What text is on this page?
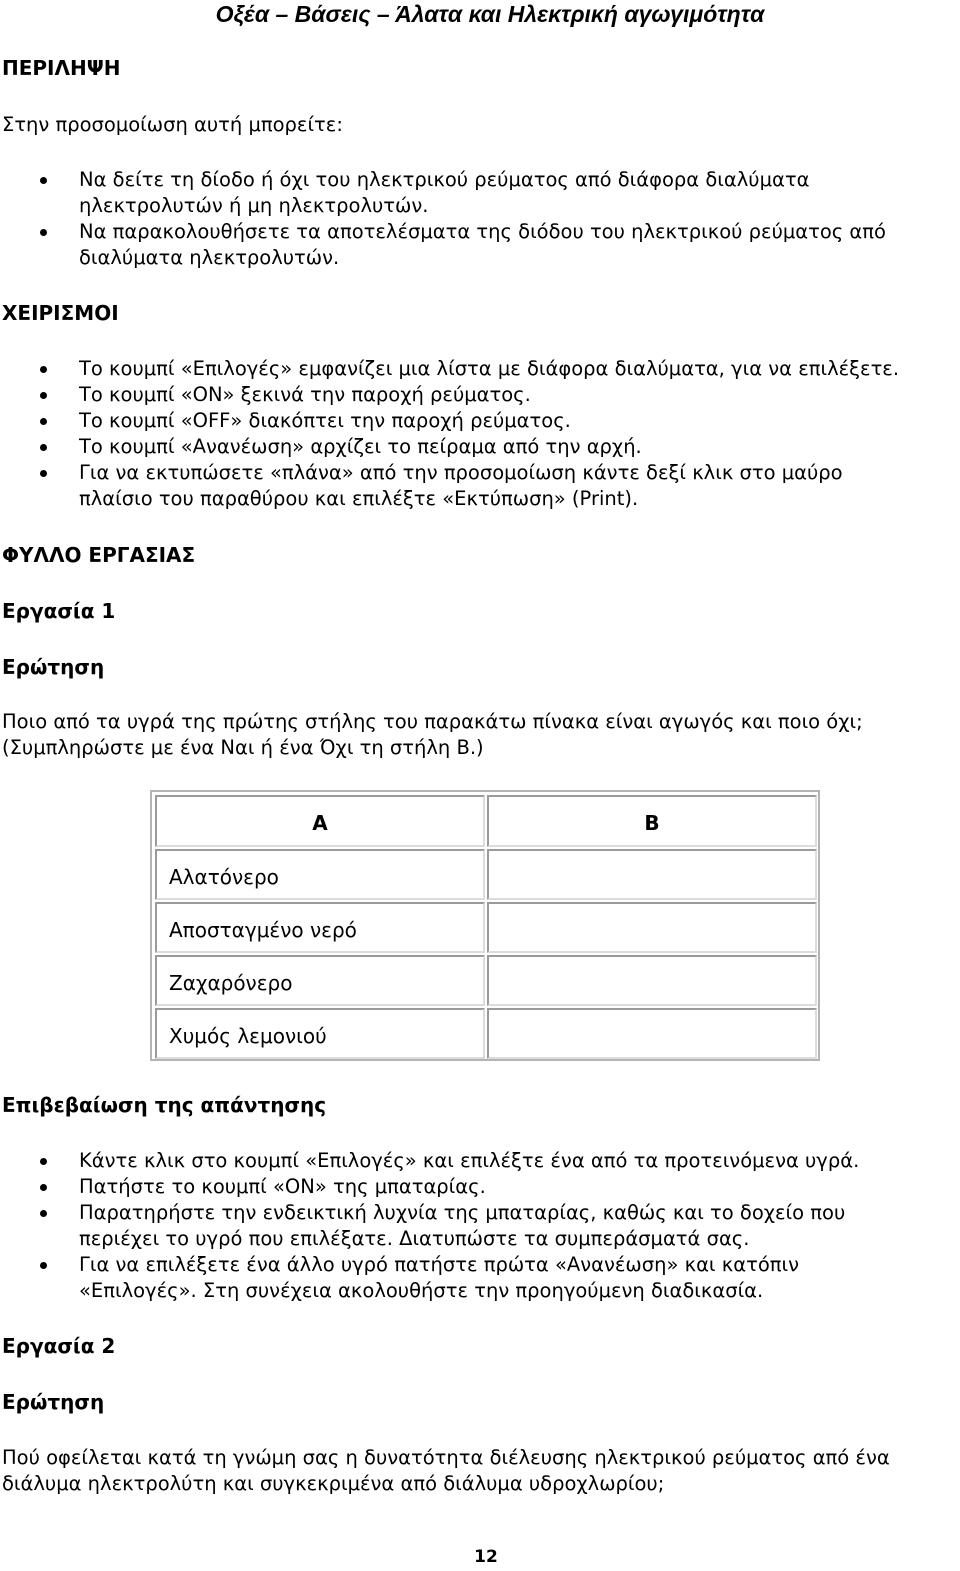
Οξέα – Βάσεις – Άλατα και Ηλεκτρική αγωγιμότητα
ΠΕΡΙΛΗΨΗ
Στην προσομοίωση αυτή μπορείτε:
Να δείτε τη δίοδο ή όχι του ηλεκτρικού ρεύματος από διάφορα διαλύματα
ηλεκτρολυτών ή μη ηλεκτρολυτών.
Να παρακολουθήσετε τα αποτελέσματα της διόδου του ηλεκτρικού ρεύματος από
διαλύματα ηλεκτρολυτών.
ΧΕΙΡΙΣΜΟΙ
Το κουμπί «Επιλογές» εμφανίζει μια λίστα με διάφορα διαλύματα, για να επιλέξετε.
Το κουμπί «ON» ξεκινά την παροχή ρεύματος.
Το κουμπί «OFF» διακόπτει την παροχή ρεύματος.
Το κουμπί «Ανανέωση» αρχίζει το πείραμα από την αρχή.
Για να εκτυπώσετε «πλάνα» από την προσομοίωση κάντε δεξί κλικ στο μαύρο
πλαίσιο του παραθύρου και επιλέξτε «Εκτύπωση» (Print).
ΦΥΛΛΟ ΕΡΓΑΣΙΑΣ
Εργασία 1
Ερώτηση
Ποιο από τα υγρά της πρώτης στήλης του παρακάτω πίνακα είναι αγωγός και ποιο όχι;
(Συμπληρώστε με ένα Ναι ή ένα Όχι τη στήλη Β.)
Α	Β
Αλατόνερο
Αποσταγμένο νερό
Ζαχαρόνερο
Χυμός λεμονιού
Επιβεβαίωση της απάντησης
Κάντε κλικ στο κουμπί «Επιλογές» και επιλέξτε ένα από τα προτεινόμενα υγρά.
Πατήστε το κουμπί «ON» της μπαταρίας.
Παρατηρήστε την ενδεικτική λυχνία της μπαταρίας, καθώς και το δοχείο που
περιέχει το υγρό που επιλέξατε. Διατυπώστε τα συμπεράσματά σας.
Για να επιλέξετε ένα άλλο υγρό πατήστε πρώτα «Ανανέωση» και κατόπιν
«Επιλογές». Στη συνέχεια ακολουθήστε την προηγούμενη διαδικασία.
Εργασία 2
Ερώτηση
Πού οφείλεται κατά τη γνώμη σας η δυνατότητα διέλευσης ηλεκτρικού ρεύματος από ένα
διάλυμα ηλεκτρολύτη και συγκεκριμένα από διάλυμα υδροχλωρίου;
12
